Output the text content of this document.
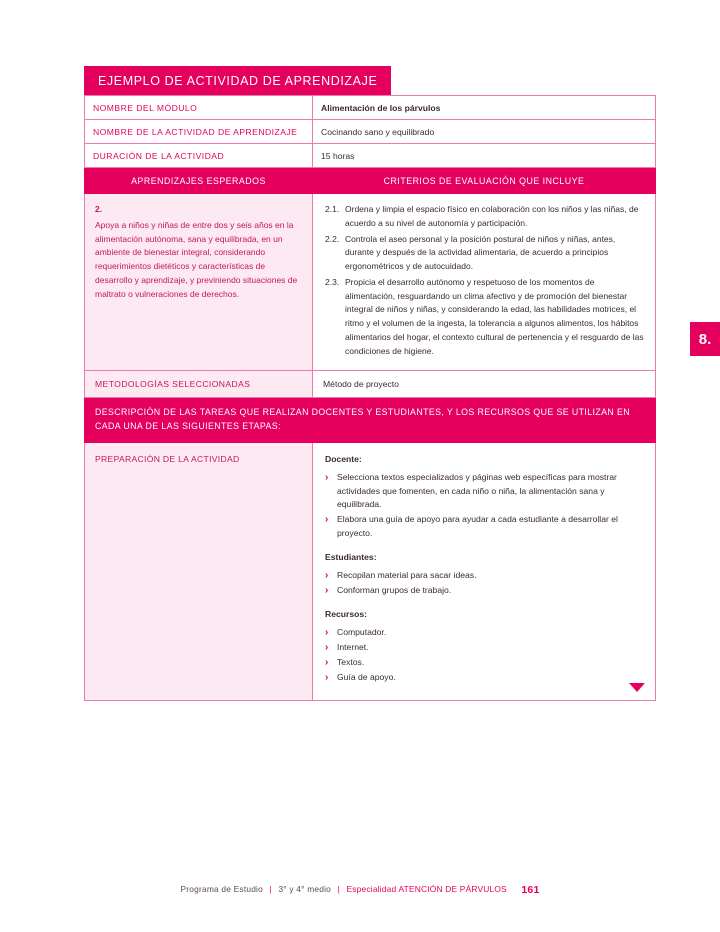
8.
EJEMPLO DE ACTIVIDAD DE APRENDIZAJE
NOMBRE DEL MÓDULO	Alimentación de los párvulos
NOMBRE DE LA ACTIVIDAD DE APRENDIZAJE	Cocinando sano y equilibrado
DURACIÓN DE LA ACTIVIDAD	15 horas
APRENDIZAJES ESPERADOS	CRITERIOS DE EVALUACIÓN QUE INCLUYE

2.
Apoya a niños y niñas de entre dos y seis años en la alimentación autónoma, sana y equilibrada, en un ambiente de bienestar integral, considerando requerimientos dietéticos y características de desarrollo y aprendizaje, y previniendo situaciones de maltrato o vulneraciones de derechos.	
2.1. Ordena y limpia el espacio físico en colaboración con los niños y las niñas, de acuerdo a su nivel de autonomía y participación.
2.2. Controla el aseo personal y la posición postural de niños y niñas, antes, durante y después de la actividad alimentaria, de acuerdo a principios ergonométricos y de autocuidado.
2.3. Propicia el desarrollo autónomo y respetuoso de los momentos de alimentación, resguardando un clima afectivo y de promoción del bienestar integral de niños y niñas, y considerando la edad, las habilidades motrices, el ritmo y el volumen de la ingesta, la tolerancia a algunos alimentos, los hábitos alimentarios del hogar, el contexto cultural de pertenencia y el resguardo de las condiciones de higiene.

METODOLOGÍAS SELECCIONADAS	Método de proyecto
DESCRIPCIÓN DE LAS TAREAS QUE REALIZAN DOCENTES Y ESTUDIANTES, Y LOS RECURSOS QUE SE UTILIZAN EN CADA UNA DE LAS SIGUIENTES ETAPAS:	
PREPARACIÓN DE LA ACTIVIDAD	Docente:

› Selecciona textos especializados y páginas web específicas para mostrar actividades que fomenten, en cada niño o niña, la alimentación sana y equilibrada.
› Elabora una guía de apoyo para ayudar a cada estudiante a desarrollar el proyecto.

Estudiantes:

› Recopilan material para sacar ideas.
› Conforman grupos de trabajo.

Recursos:

› Computador.
› Internet.
› Textos.
› Guía de apoyo.
Programa de Estudio | 3° y 4° medio | Especialidad ATENCIÓN DE PÁRVULOS 161
